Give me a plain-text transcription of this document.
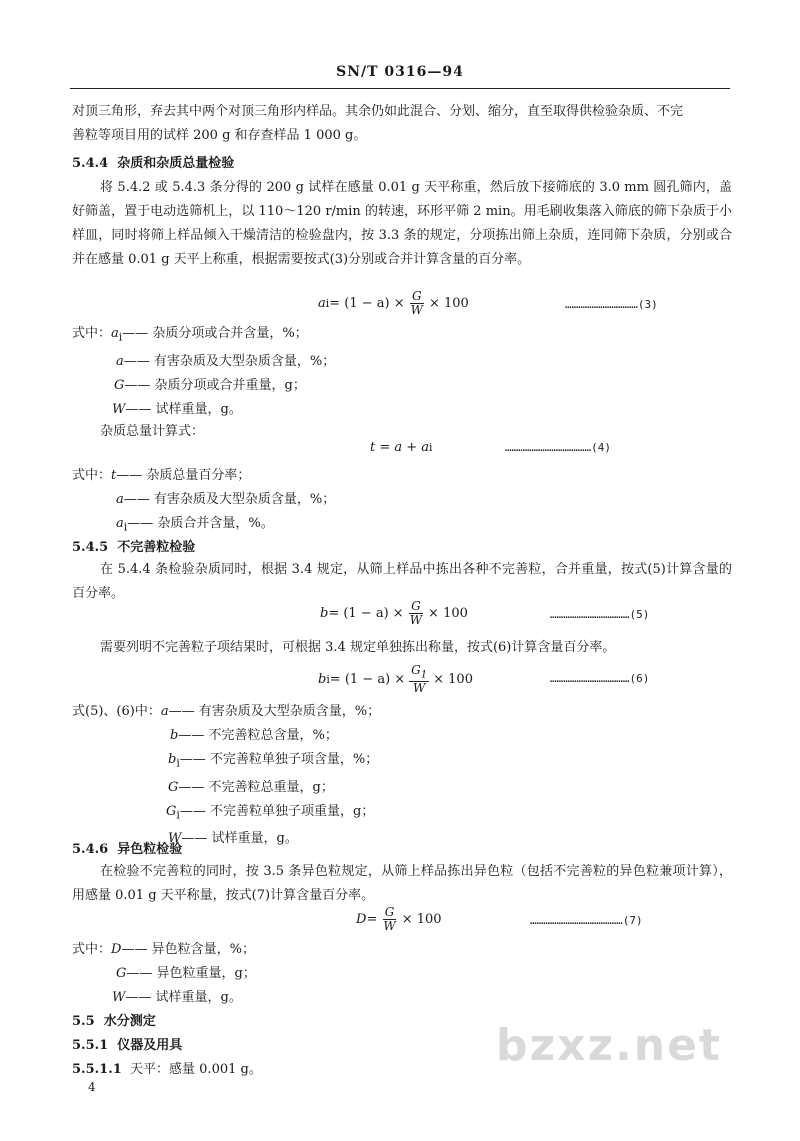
SN/T 0316—94
对顶三角形，弃去其中两个对顶三角形内样品。其余仍如此混合、分划、缩分，直至取得供检验杂质、不完
善粒等项目用的试样 200 g 和存查样品 1 000 g。
5.4.4 杂质和杂质总量检验
将 5.4.2 或 5.4.3 条分得的 200 g 试样在感量 0.01 g 天平称重，然后放下接筛底的 3.0 mm 圆孔筛内，盖好筛盖，置于电动选筛机上，以 110～120 r/min 的转速，环形平筛 2 min。用毛刷收集落入筛底的筛下杂质于小样皿，同时将筛上样品倾入干燥清洁的检验盘内，按 3.3 条的规定，分项拣出筛上杂质，连同筛下杂质，分别或合并在感量 0.01 g 天平上称重，根据需要按式(3)分别或合并计算含量的百分率。
a $i = (1 - a) \times \frac{G}{W} \times 100$	……………………………(3)
式中：$a_i——$ 杂质分项或合并含量，%；
a—— 有害杂质及大型杂质含量，%；
G—— 杂质分项或合并重量，g；
W—— 试样重量，g。
杂质总量计算式：
t = a + a i	…………………………………(4)
式中：t—— 杂质总量百分率；
a—— 有害杂质及大型杂质含量，%；
$a_i——$ 杂质合并含量，%。
5.4.5 不完善粒检验
在 5.4.4 条检验杂质同时，根据 3.4 规定，从筛上样品中拣出各种不完善粒，合并重量，按式(5)计算含量的百分率。
$b = (1 - a) \times \frac{G}{W} \times 100$	………………………………(5)
需要列明不完善粒子项结果时，可根据 3.4 规定单独拣出称量，按式(6)计算含量百分率。
b $i = (1 - a) \times \frac{G_1}{W} \times 100$	………………………………(6)
式(5)、(6)中：a—— 有害杂质及大型杂质含量，%；
b—— 不完善粒总含量，%；
$b_i——$ 不完善粒单独子项含量，%；
G—— 不完善粒总重量，g；
$G_i——$ 不完善粒单独子项重量，g；
W—— 试样重量，g。
5.4.6 异色粒检验
在检验不完善粒的同时，按 3.5 条异色粒规定，从筛上样品拣出异色粒（包括不完善粒的异色粒兼项计算），用感量 0.01 g 天平称量，按式(7)计算含量百分率。
$D = \frac{G}{W} \times 100$	……………………………………(7)
式中：D—— 异色粒含量，%；
G—— 异色粒重量，g；
W—— 试样重量，g。
5.5 水分测定
5.5.1 仪器及用具
5.5.1.1 天平：感量 0.001 g。	bzxz.net
4
